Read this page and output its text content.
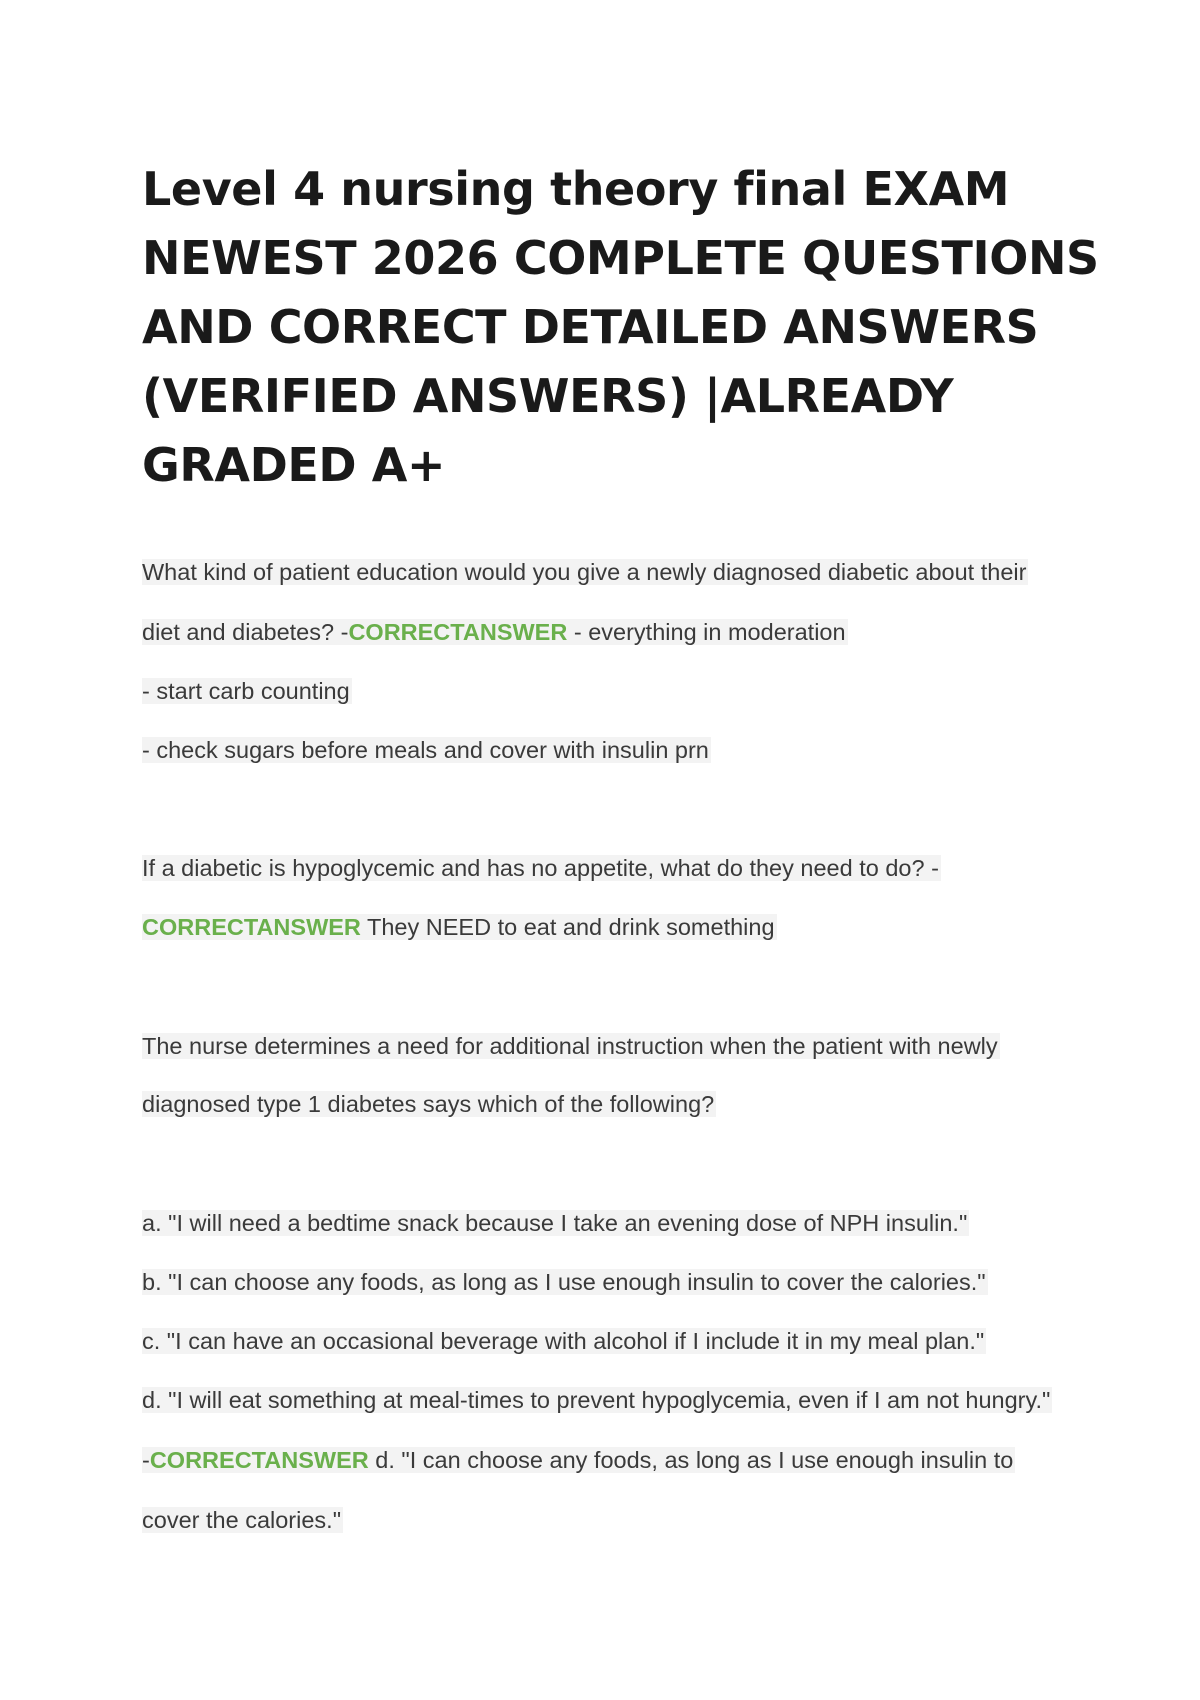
Level 4 nursing theory final EXAM
NEWEST 2026 COMPLETE QUESTIONS
AND CORRECT DETAILED ANSWERS
(VERIFIED ANSWERS) |ALREADY
GRADED A+
What kind of patient education would you give a newly diagnosed diabetic about their
diet and diabetes? -CORRECTANSWER - everything in moderation
- start carb counting
- check sugars before meals and cover with insulin prn
If a diabetic is hypoglycemic and has no appetite, what do they need to do? -
CORRECTANSWER They NEED to eat and drink something
The nurse determines a need for additional instruction when the patient with newly
diagnosed type 1 diabetes says which of the following?
a. "I will need a bedtime snack because I take an evening dose of NPH insulin."
b. "I can choose any foods, as long as I use enough insulin to cover the calories."
c. "I can have an occasional beverage with alcohol if I include it in my meal plan."
d. "I will eat something at meal-times to prevent hypoglycemia, even if I am not hungry."
-CORRECTANSWER d. "I can choose any foods, as long as I use enough insulin to
cover the calories."
